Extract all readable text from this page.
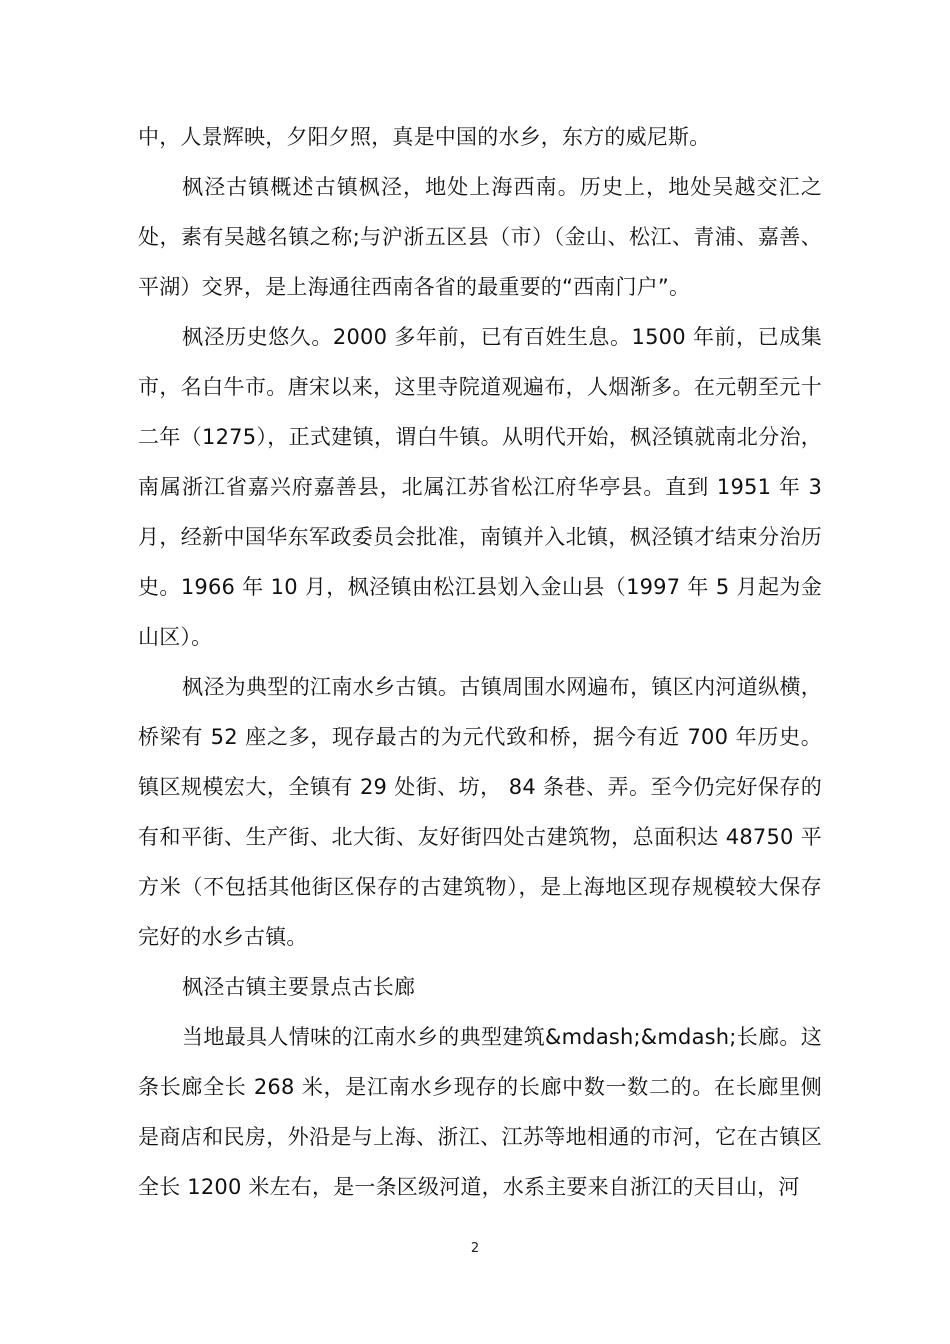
中，人景辉映，夕阳夕照，真是中国的水乡，东方的威尼斯。

枫泾古镇概述古镇枫泾，地处上海西南。历史上，地处吴越交汇之处，素有吴越名镇之称;与沪浙五区县（市）（金山、松江、青浦、嘉善、平湖）交界，是上海通往西南各省的最重要的“西南门户”。

枫泾历史悠久。2000 多年前，已有百姓生息。1500 年前，已成集市，名白牛市。唐宋以来，这里寺院道观遍布，人烟渐多。在元朝至元十二年（1275），正式建镇，谓白牛镇。从明代开始，枫泾镇就南北分治，南属浙江省嘉兴府嘉善县，北属江苏省松江府华亭县。直到 1951 年 3 月，经新中国华东军政委员会批准，南镇并入北镇，枫泾镇才结束分治历史。1966 年 10 月，枫泾镇由松江县划入金山县（1997 年 5 月起为金山区）。

枫泾为典型的江南水乡古镇。古镇周围水网遍布，镇区内河道纵横，桥梁有 52 座之多，现存最古的为元代致和桥，据今有近 700 年历史。镇区规模宏大，全镇有 29 处街、坊， 84 条巷、弄。至今仍完好保存的有和平街、生产街、北大街、友好街四处古建筑物，总面积达 48750 平方米（不包括其他街区保存的古建筑物），是上海地区现存规模较大保存完好的水乡古镇。

枫泾古镇主要景点古长廊

当地最具人情味的江南水乡的典型建筑&mdash;&mdash;长廊。这条长廊全长 268 米，是江南水乡现存的长廊中数一数二的。在长廊里侧是商店和民房，外沿是与上海、浙江、江苏等地相通的市河，它在古镇区全长 1200 米左右，是一条区级河道，水系主要来自浙江的天目山，河

2
